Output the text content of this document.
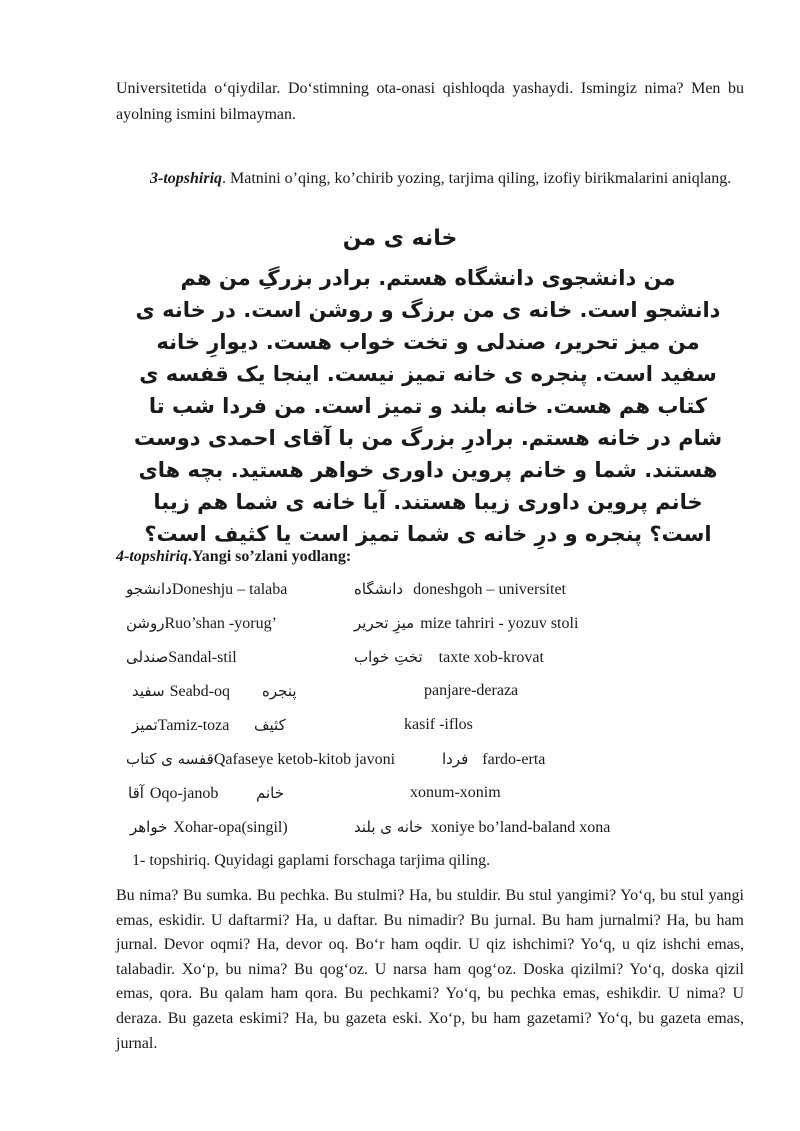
Universitetida o‘qiydilar. Do‘stimning ota-onasi qishloqda yashaydi. Ismingiz nima? Men bu ayolning ismini bilmayman.

3-topshiriq. Matnini o’qing, ko’chirib yozing, tarjima qiling, izofiy birikmalarini aniqlang.

خانه ی من

من دانشجوی دانشگاه هستم. برادر بزرگِ من هم
دانشجو است. خانه ی من برزگ و روشن است. در خانه ی
من میز تحریر، صندلی و تخت خواب هست. دیوارِ خانه
سفید است. پنجره ی خانه تمیز نیست. اینجا یک قفسه ی
کتاب هم هست. خانه بلند و تمیز است. من فردا شب تا
شام در خانه هستم. برادرِ بزرگ من با آقای احمدی دوست
هستند. شما و خانم پروین داوری خواهر هستید. بچه های
خانم پروین داوری زیبا هستند. آیا خانه ی شما هم زیبا
است؟ پنجره و درِ خانه ی شما تمیز است یا کثیف است؟

4-topshiriq.Yangi so’zlani yodlang:

دانشجوDoneshju – talaba	دانشگاه doneshgoh – universitet
روشنRuo’shan -yorug’	میزِ تحریر mize tahriri - yozuv stoli
صندلیSandal-stil	تختِ خواب taxte xob-krovat
سفید Seabd-oq پنجره	panjare-deraza
تمیزTamiz-toza کثیف	kasif -iflos
قفسه ی کتابQafaseye ketob-kitob javoni	فردا fardo-erta
آقا Oqo-janob	خانم	xonum-xonim
خواهر Xohar-opa(singil)	خانه ی بلند xoniye bo’land-baland xona

1- topshiriq. Quyidagi gaplami forschaga tarjima qiling.

Bu nima? Bu sumka. Bu pechka. Bu stulmi? Ha, bu stuldir. Bu stul yangimi? Yo‘q, bu stul yangi emas, eskidir. U daftarmi? Ha, u daftar. Bu nimadir? Bu jurnal. Bu ham jurnalmi? Ha, bu ham jurnal. Devor oqmi? Ha, devor oq. Bo‘r ham oqdir. U qiz ishchimi? Yo‘q, u qiz ishchi emas, talabadir. Xo‘p, bu nima? Bu qog‘oz. U narsa ham qog‘oz. Doska qizilmi? Yo‘q, doska qizil emas, qora. Bu qalam ham qora. Bu pechkami? Yo‘q, bu pechka emas, eshikdir. U nima? U deraza. Bu gazeta eskimi? Ha, bu gazeta eski. Xo‘p, bu ham gazetami? Yo‘q, bu gazeta emas, jurnal.
